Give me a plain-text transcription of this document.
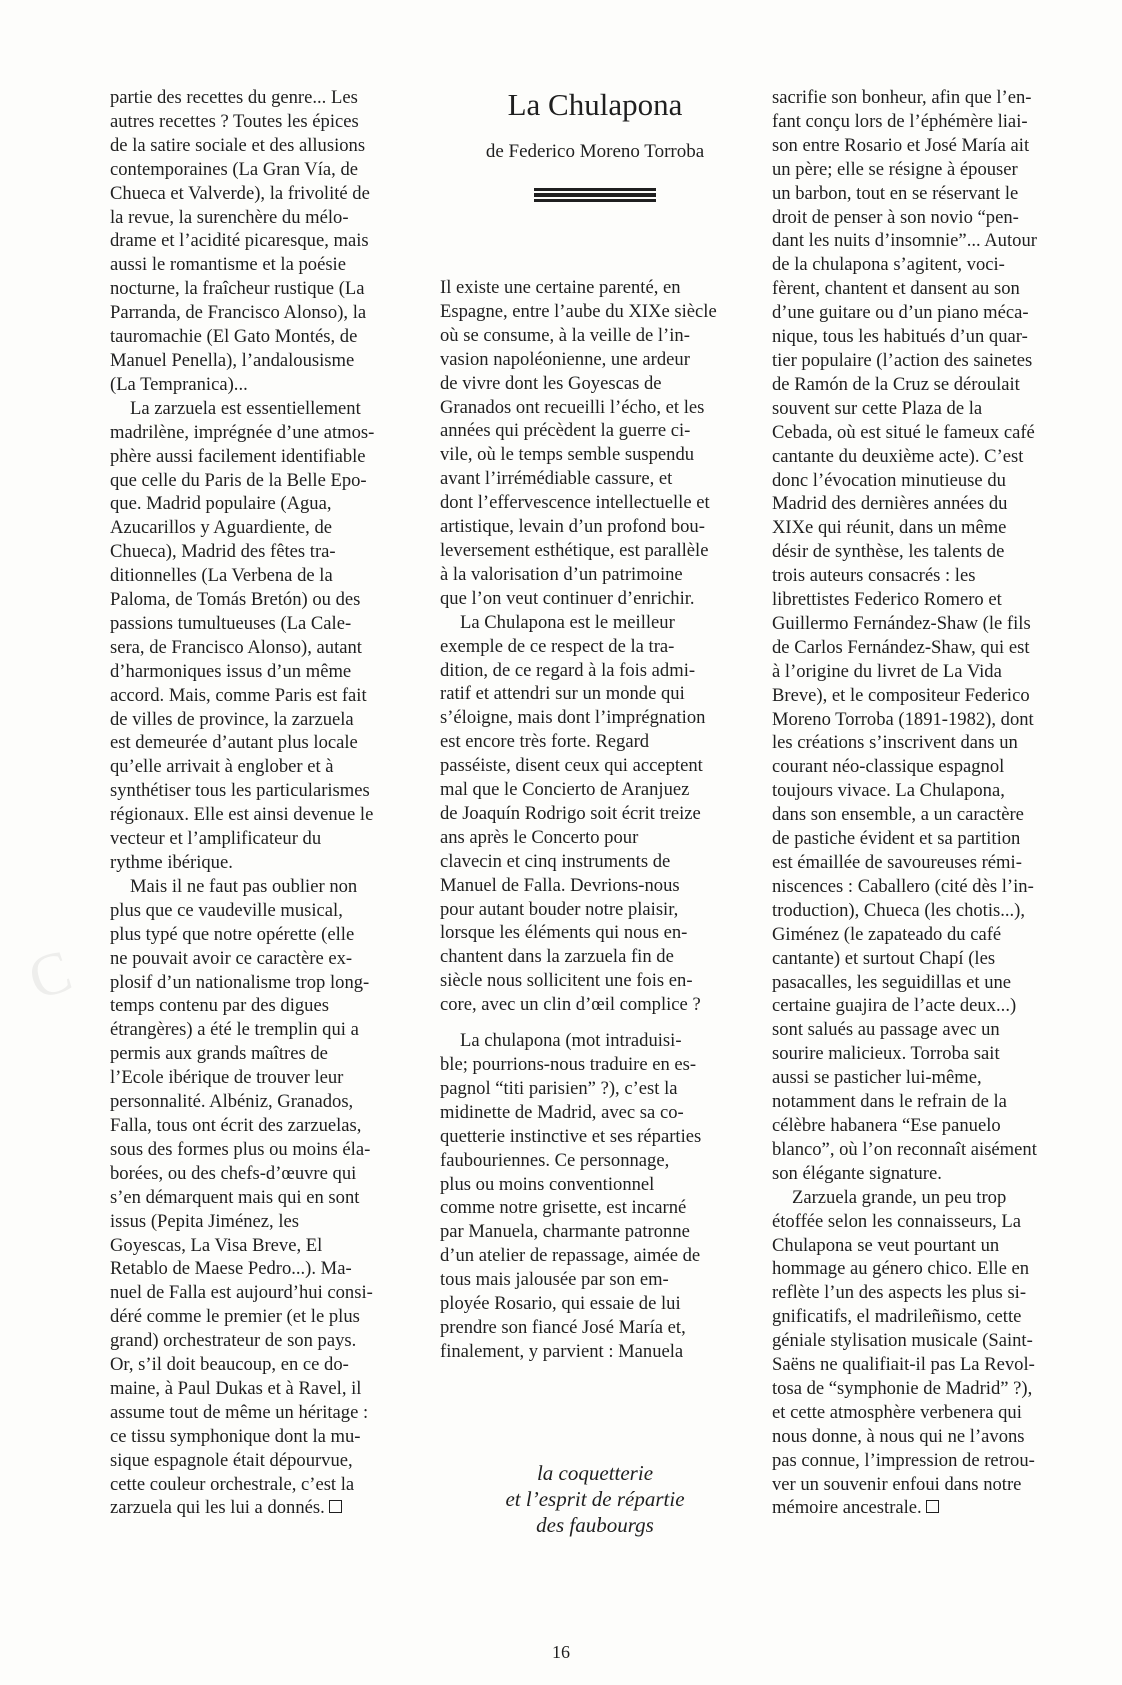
C
partie des recettes du genre... Les
autres recettes ? Toutes les épices
de la satire sociale et des allusions
contemporaines (La Gran Vía, de
Chueca et Valverde), la frivolité de
la revue, la surenchère du mélo-
drame et l’acidité picaresque, mais
aussi le romantisme et la poésie
nocturne, la fraîcheur rustique (La
Parranda, de Francisco Alonso), la
tauromachie (El Gato Montés, de
Manuel Penella), l’andalousisme
(La Tempranica)...
La zarzuela est essentiellement
madrilène, imprégnée d’une atmos-
phère aussi facilement identifiable
que celle du Paris de la Belle Epo-
que. Madrid populaire (Agua,
Azucarillos y Aguardiente, de
Chueca), Madrid des fêtes tra-
ditionnelles (La Verbena de la
Paloma, de Tomás Bretón) ou des
passions tumultueuses (La Cale-
sera, de Francisco Alonso), autant
d’harmoniques issus d’un même
accord. Mais, comme Paris est fait
de villes de province, la zarzuela
est demeurée d’autant plus locale
qu’elle arrivait à englober et à
synthétiser tous les particularismes
régionaux. Elle est ainsi devenue le
vecteur et l’amplificateur du
rythme ibérique.
Mais il ne faut pas oublier non
plus que ce vaudeville musical,
plus typé que notre opérette (elle
ne pouvait avoir ce caractère ex-
plosif d’un nationalisme trop long-
temps contenu par des digues
étrangères) a été le tremplin qui a
permis aux grands maîtres de
l’Ecole ibérique de trouver leur
personnalité. Albéniz, Granados,
Falla, tous ont écrit des zarzuelas,
sous des formes plus ou moins éla-
borées, ou des chefs-d’œuvre qui
s’en démarquent mais qui en sont
issus (Pepita Jiménez, les
Goyescas, La Visa Breve, El
Retablo de Maese Pedro...). Ma-
nuel de Falla est aujourd’hui consi-
déré comme le premier (et le plus
grand) orchestrateur de son pays.
Or, s’il doit beaucoup, en ce do-
maine, à Paul Dukas et à Ravel, il
assume tout de même un héritage :
ce tissu symphonique dont la mu-
sique espagnole était dépourvue,
cette couleur orchestrale, c’est la
zarzuela qui les lui a donnés.
La Chulapona
de Federico Moreno Torroba
Il existe une certaine parenté, en
Espagne, entre l’aube du XIXe siècle
où se consume, à la veille de l’in-
vasion napoléonienne, une ardeur
de vivre dont les Goyescas de
Granados ont recueilli l’écho, et les
années qui précèdent la guerre ci-
vile, où le temps semble suspendu
avant l’irrémédiable cassure, et
dont l’effervescence intellectuelle et
artistique, levain d’un profond bou-
leversement esthétique, est parallèle
à la valorisation d’un patrimoine
que l’on veut continuer d’enrichir.
La Chulapona est le meilleur
exemple de ce respect de la tra-
dition, de ce regard à la fois admi-
ratif et attendri sur un monde qui
s’éloigne, mais dont l’imprégnation
est encore très forte. Regard
passéiste, disent ceux qui acceptent
mal que le Concierto de Aranjuez
de Joaquín Rodrigo soit écrit treize
ans après le Concerto pour
clavecin et cinq instruments de
Manuel de Falla. Devrions-nous
pour autant bouder notre plaisir,
lorsque les éléments qui nous en-
chantent dans la zarzuela fin de
siècle nous sollicitent une fois en-
core, avec un clin d’œil complice ?
La chulapona (mot intraduisi-
ble; pourrions-nous traduire en es-
pagnol “titi parisien” ?), c’est la
midinette de Madrid, avec sa co-
quetterie instinctive et ses réparties
faubouriennes. Ce personnage,
plus ou moins conventionnel
comme notre grisette, est incarné
par Manuela, charmante patronne
d’un atelier de repassage, aimée de
tous mais jalousée par son em-
ployée Rosario, qui essaie de lui
prendre son fiancé José María et,
finalement, y parvient : Manuela
la coquetterie
et l’esprit de répartie
des faubourgs
sacrifie son bonheur, afin que l’en-
fant conçu lors de l’éphémère liai-
son entre Rosario et José María ait
un père; elle se résigne à épouser
un barbon, tout en se réservant le
droit de penser à son novio “pen-
dant les nuits d’insomnie”... Autour
de la chulapona s’agitent, voci-
fèrent, chantent et dansent au son
d’une guitare ou d’un piano méca-
nique, tous les habitués d’un quar-
tier populaire (l’action des sainetes
de Ramón de la Cruz se déroulait
souvent sur cette Plaza de la
Cebada, où est situé le fameux café
cantante du deuxième acte). C’est
donc l’évocation minutieuse du
Madrid des dernières années du
XIXe qui réunit, dans un même
désir de synthèse, les talents de
trois auteurs consacrés : les
librettistes Federico Romero et
Guillermo Fernández-Shaw (le fils
de Carlos Fernández-Shaw, qui est
à l’origine du livret de La Vida
Breve), et le compositeur Federico
Moreno Torroba (1891-1982), dont
les créations s’inscrivent dans un
courant néo-classique espagnol
toujours vivace. La Chulapona,
dans son ensemble, a un caractère
de pastiche évident et sa partition
est émaillée de savoureuses rémi-
niscences : Caballero (cité dès l’in-
troduction), Chueca (les chotis...),
Giménez (le zapateado du café
cantante) et surtout Chapí (les
pasacalles, les seguidillas et une
certaine guajira de l’acte deux...)
sont salués au passage avec un
sourire malicieux. Torroba sait
aussi se pasticher lui-même,
notamment dans le refrain de la
célèbre habanera “Ese panuelo
blanco”, où l’on reconnaît aisément
son élégante signature.
Zarzuela grande, un peu trop
étoffée selon les connaisseurs, La
Chulapona se veut pourtant un
hommage au género chico. Elle en
reflète l’un des aspects les plus si-
gnificatifs, el madrileñismo, cette
géniale stylisation musicale (Saint-
Saëns ne qualifiait-il pas La Revol-
tosa de “symphonie de Madrid” ?),
et cette atmosphère verbenera qui
nous donne, à nous qui ne l’avons
pas connue, l’impression de retrou-
ver un souvenir enfoui dans notre
mémoire ancestrale.
16
